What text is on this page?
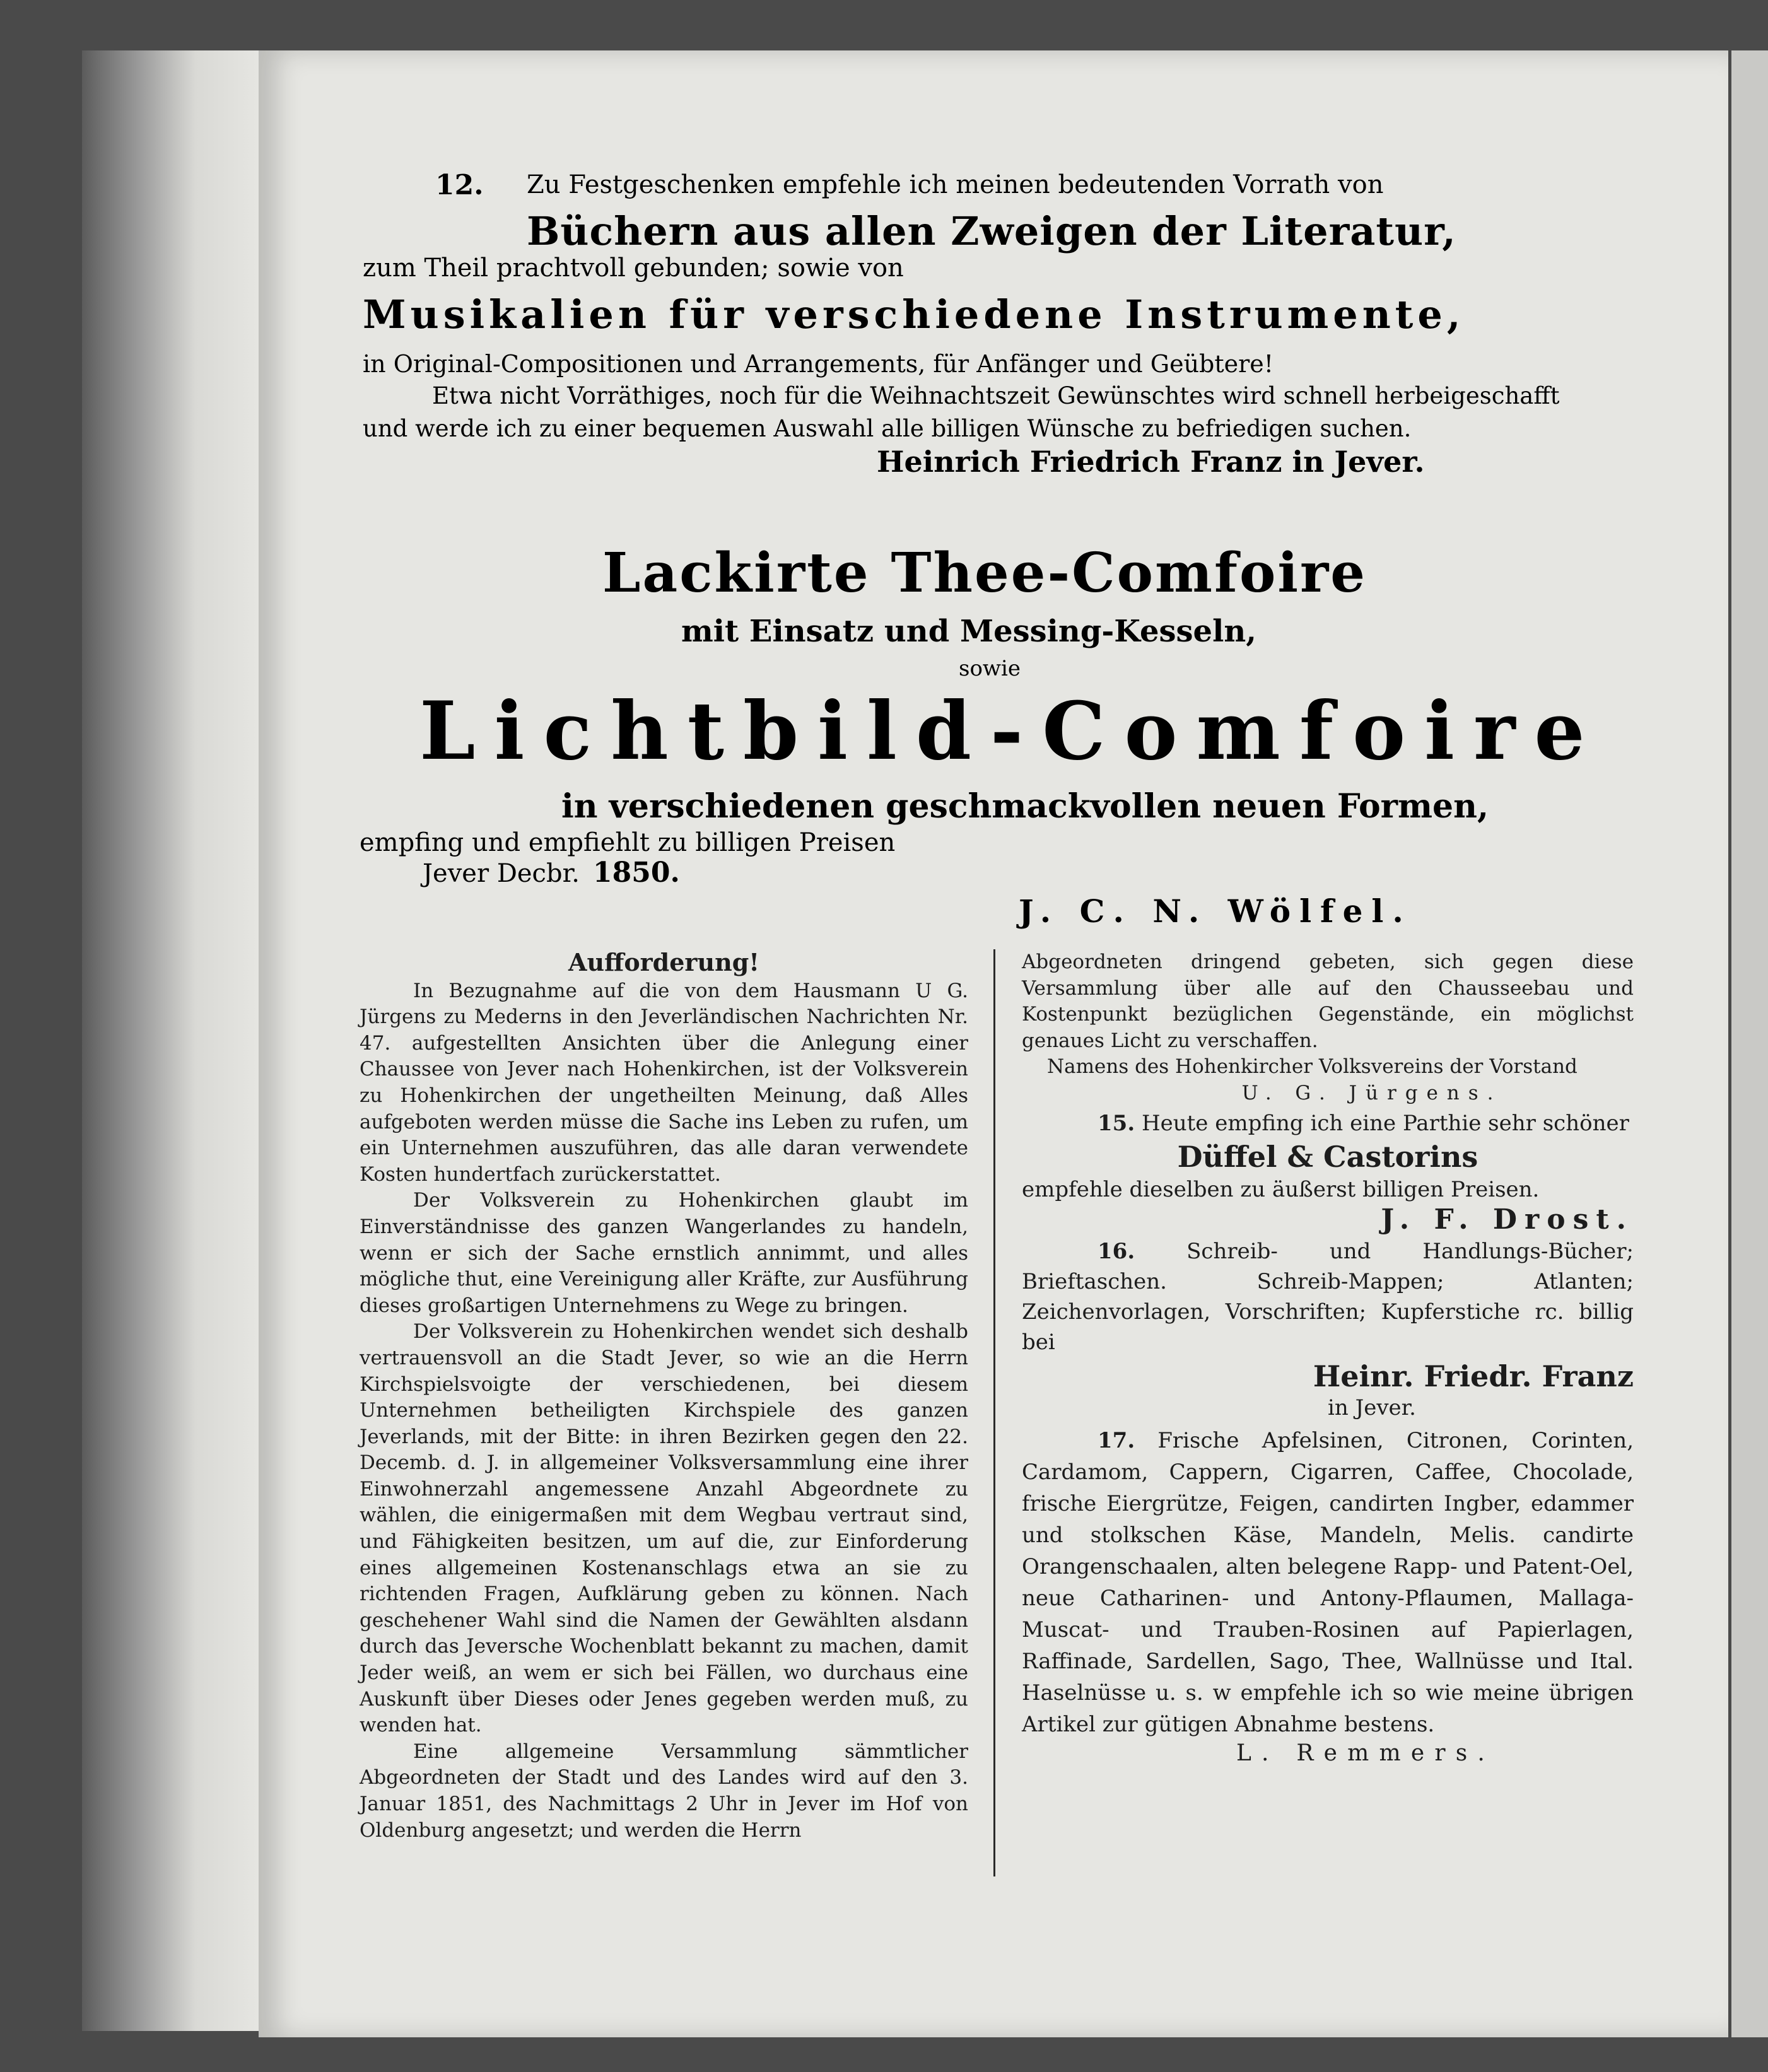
12. Zu Festgeschenken empfehle ich meinen bedeutenden Vorrath von
Büchern aus allen Zweigen der Literatur,
zum Theil prachtvoll gebunden; sowie von
Musikalien für verschiedene Instrumente,
in Original-Compositionen und Arrangements, für Anfänger und Geübtere!
Etwa nicht Vorräthiges, noch für die Weihnachtszeit Gewünschtes wird schnell herbeigeschafft
und werde ich zu einer bequemen Auswahl alle billigen Wünsche zu befriedigen suchen.
Heinrich Friedrich Franz in Jever.
Lackirte Thee-Comfoire
mit Einsatz und Messing-Kesseln,
sowie
Lichtbild-Comfoire
in verschiedenen geschmackvollen neuen Formen,
empfing und empfiehlt zu billigen Preisen
Jever Decbr. 1850.
J. C. N. Wölfel.

Aufforderung!

In Bezugnahme auf die von dem Hausmann U G. Jürgens zu Mederns in den Jeverländischen Nachrichten Nr. 47. aufgestellten Ansichten über die Anlegung einer Chaussee von Jever nach Hohenkirchen, ist der Volksverein zu Hohenkirchen der ungetheilten Meinung, daß Alles aufgeboten werden müsse die Sache ins Leben zu rufen, um ein Unternehmen auszuführen, das alle daran verwendete Kosten hundertfach zurückerstattet.

Der Volksverein zu Hohenkirchen glaubt im Einverständnisse des ganzen Wangerlandes zu handeln, wenn er sich der Sache ernstlich annimmt, und alles mögliche thut, eine Vereinigung aller Kräfte, zur Ausführung dieses großartigen Unternehmens zu Wege zu bringen.

Der Volksverein zu Hohenkirchen wendet sich deshalb vertrauensvoll an die Stadt Jever, so wie an die Herrn Kirchspielsvoigte der verschiedenen, bei diesem Unternehmen betheiligten Kirchspiele des ganzen Jeverlands, mit der Bitte: in ihren Bezirken gegen den 22. Decemb. d. J. in allgemeiner Volksversammlung eine ihrer Einwohnerzahl angemessene Anzahl Abgeordnete zu wählen, die einigermaßen mit dem Wegbau vertraut sind, und Fähigkeiten besitzen, um auf die, zur Einforderung eines allgemeinen Kostenanschlags etwa an sie zu richtenden Fragen, Aufklärung geben zu können. Nach geschehener Wahl sind die Namen der Gewählten alsdann durch das Jeversche Wochenblatt bekannt zu machen, damit Jeder weiß, an wem er sich bei Fällen, wo durchaus eine Auskunft über Dieses oder Jenes gegeben werden muß, zu wenden hat.

Eine allgemeine Versammlung sämmtlicher Abgeordneten der Stadt und des Landes wird auf den 3. Januar 1851, des Nachmittags 2 Uhr in Jever im Hof von Oldenburg angesetzt; und werden die Herrn

Abgeordneten dringend gebeten, sich gegen diese Versammlung über alle auf den Chausseebau und Kostenpunkt bezüglichen Gegenstände, ein möglichst genaues Licht zu verschaffen.

Namens des Hohenkircher Volksvereins der Vorstand

U. G. Jürgens.

15. Heute empfing ich eine Parthie sehr schöner

Düffel & Castorins

empfehle dieselben zu äußerst billigen Preisen.

J. F. Drost.

16. Schreib- und Handlungs-Bücher; Brieftaschen. Schreib-Mappen; Atlanten; Zeichenvorlagen, Vorschriften; Kupferstiche rc. billig bei

Heinr. Friedr. Franz

in Jever.

17. Frische Apfelsinen, Citronen, Corinten, Cardamom, Cappern, Cigarren, Caffee, Chocolade, frische Eiergrütze, Feigen, candirten Ingber, edammer und stolkschen Käse, Mandeln, Melis. candirte Orangenschaalen, alten belegene Rapp- und Patent-Oel, neue Catharinen- und Antony-Pflaumen, Mallaga- Muscat- und Trauben-Rosinen auf Papierlagen, Raffinade, Sardellen, Sago, Thee, Wallnüsse und Ital. Haselnüsse u. s. w empfehle ich so wie meine übrigen Artikel zur gütigen Abnahme bestens.

L. Remmers.
